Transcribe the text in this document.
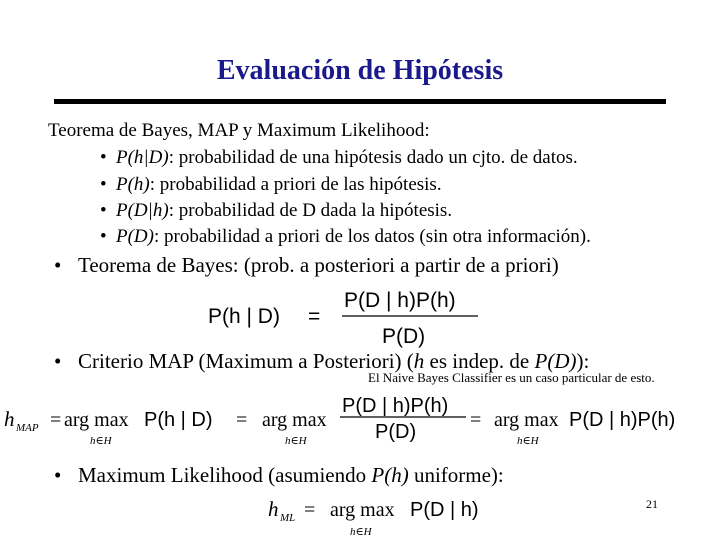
Evaluación de Hipótesis
Teorema de Bayes, MAP y Maximum Likelihood:
• P(h|D): probabilidad de una hipótesis dado un cjto. de datos.
• P(h): probabilidad a priori de las hipótesis.
• P(D|h): probabilidad de D dada la hipótesis.
• P(D): probabilidad a priori de los datos (sin otra información).
• Teorema de Bayes: (prob. a posteriori a partir de a priori)
P(h | D) =
P(D | h)P(h)
P(D)
• Criterio MAP (Maximum a Posteriori) (h es indep. de P(D)):
El Naive Bayes Classifier es un caso particular de esto.
h MAP = arg max
h∈H
P(h | D) = arg max
h∈H
P(D | h)P(h)
P(D)
= arg max
h∈H
P(D | h)P(h)
• Maximum Likelihood (asumiendo P(h) uniforme):
h ML = arg max
h∈H
P(D | h)	21
